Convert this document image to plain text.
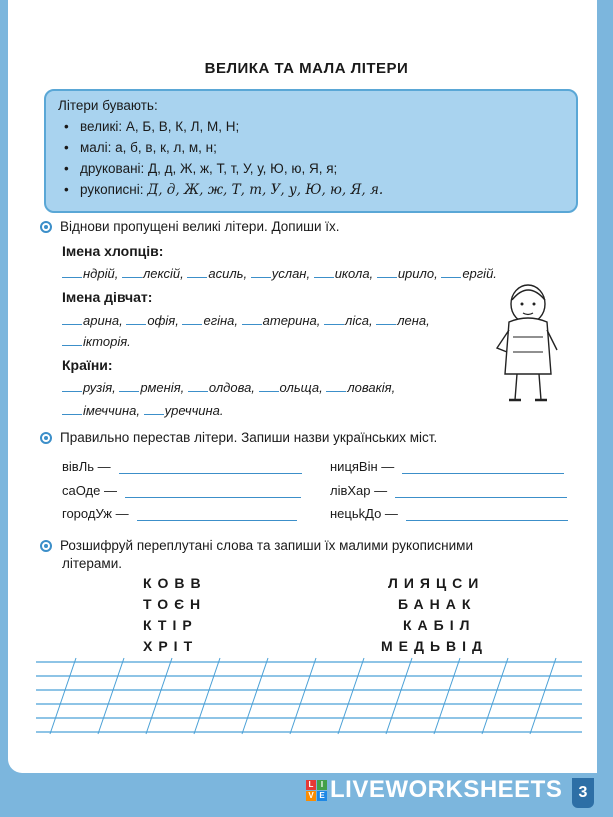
ВЕЛИКА ТА МАЛА ЛІТЕРИ
Літери бувають:
• великі: А, Б, В, К, Л, М, Н;
• малі: а, б, в, к, л, м, н;
• друковані: Д, д, Ж, ж, Т, т, У, у, Ю, ю, Я, я;
• рукописні: Д, д, Ж, ж, Т, т, У, у, Ю, ю, Я, я.
Віднови пропущені великі літери. Допиши їх.
Імена хлопців:
ндрій, лексій, асиль, услан, икола, ирило, ергій.
Імена дівчат:
арина, офія, егіна, атерина, ліса, лена,
ікторія.
Країни:
рузія, рменія, олдова, ольща, ловакія,
імеччина, уреччина.
Правильно перестав літери. Запиши назви українських міст.
вівЛь —
саОде —
городУж —
ницяВін —
лівХар —
нецьkДо —
Розшифруй переплутані слова та запиши їх малими рукописними
літерами.
КОВВ
ТОЄН
КТІР
ХРІТ
ЛИЯЦСИ
БАНАК
КАБІЛ
МЕДЬВІД
L I
V E LIVEWORKSHEETS	3
